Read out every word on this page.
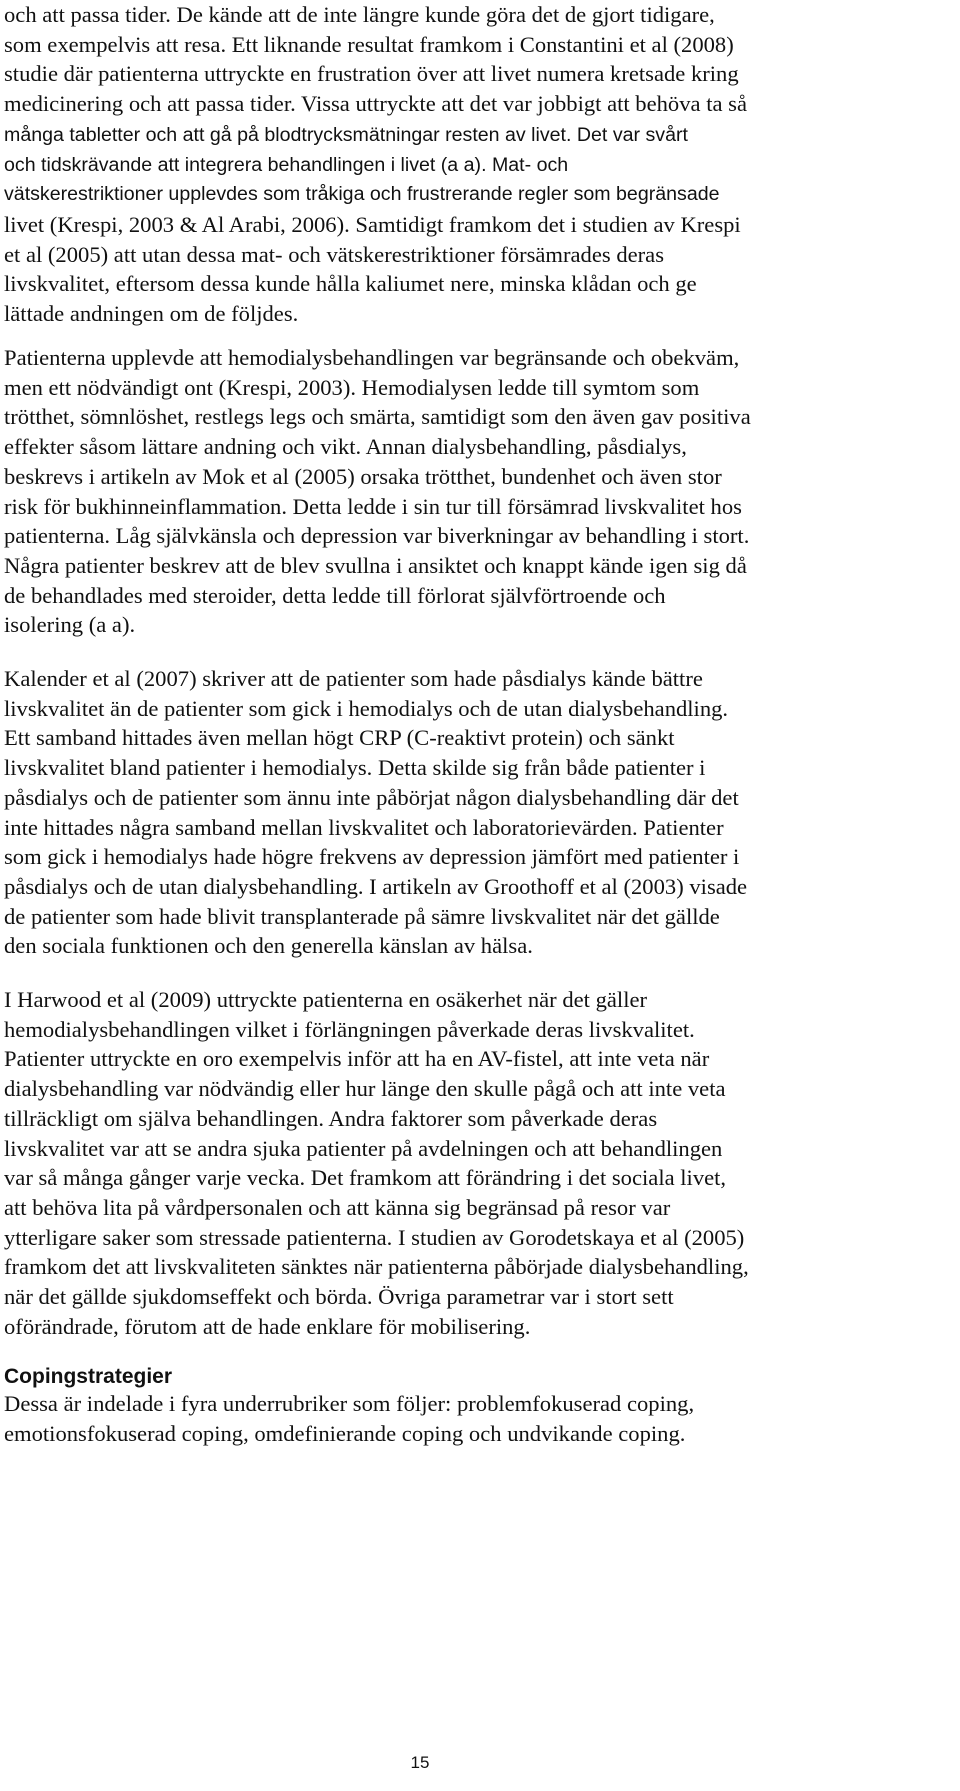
och att passa tider. De kände att de inte längre kunde göra det de gjort tidigare,
som exempelvis att resa. Ett liknande resultat framkom i Constantini et al (2008)
studie där patienterna uttryckte en frustration över att livet numera kretsade kring
medicinering och att passa tider. Vissa uttryckte att det var jobbigt att behöva ta så
många tabletter och att gå på blodtrycksmätningar resten av livet. Det var svårt
och tidskrävande att integrera behandlingen i livet (a a). Mat- och
vätskerestriktioner upplevdes som tråkiga och frustrerande regler som begränsade
livet (Krespi, 2003 & Al Arabi, 2006). Samtidigt framkom det i studien av Krespi
et al (2005) att utan dessa mat- och vätskerestriktioner försämrades deras
livskvalitet, eftersom dessa kunde hålla kaliumet nere, minska klådan och ge
lättade andningen om de följdes.
Patienterna upplevde att hemodialysbehandlingen var begränsande och obekväm,
men ett nödvändigt ont (Krespi, 2003). Hemodialysen ledde till symtom som
trötthet, sömnlöshet, restlegs legs och smärta, samtidigt som den även gav positiva
effekter såsom lättare andning och vikt. Annan dialysbehandling, påsdialys,
beskrevs i artikeln av Mok et al (2005) orsaka trötthet, bundenhet och även stor
risk för bukhinneinflammation. Detta ledde i sin tur till försämrad livskvalitet hos
patienterna. Låg självkänsla och depression var biverkningar av behandling i stort.
Några patienter beskrev att de blev svullna i ansiktet och knappt kände igen sig då
de behandlades med steroider, detta ledde till förlorat självförtroende och
isolering (a a).
Kalender et al (2007) skriver att de patienter som hade påsdialys kände bättre
livskvalitet än de patienter som gick i hemodialys och de utan dialysbehandling.
Ett samband hittades även mellan högt CRP (C-reaktivt protein) och sänkt
livskvalitet bland patienter i hemodialys. Detta skilde sig från både patienter i
påsdialys och de patienter som ännu inte påbörjat någon dialysbehandling där det
inte hittades några samband mellan livskvalitet och laboratorievärden. Patienter
som gick i hemodialys hade högre frekvens av depression jämfört med patienter i
påsdialys och de utan dialysbehandling. I artikeln av Groothoff et al (2003) visade
de patienter som hade blivit transplanterade på sämre livskvalitet när det gällde
den sociala funktionen och den generella känslan av hälsa.
I Harwood et al (2009) uttryckte patienterna en osäkerhet när det gäller
hemodialysbehandlingen vilket i förlängningen påverkade deras livskvalitet.
Patienter uttryckte en oro exempelvis inför att ha en AV-fistel, att inte veta när
dialysbehandling var nödvändig eller hur länge den skulle pågå och att inte veta
tillräckligt om själva behandlingen. Andra faktorer som påverkade deras
livskvalitet var att se andra sjuka patienter på avdelningen och att behandlingen
var så många gånger varje vecka. Det framkom att förändring i det sociala livet,
att behöva lita på vårdpersonalen och att känna sig begränsad på resor var
ytterligare saker som stressade patienterna. I studien av Gorodetskaya et al (2005)
framkom det att livskvaliteten sänktes när patienterna påbörjade dialysbehandling,
när det gällde sjukdomseffekt och börda. Övriga parametrar var i stort sett
oförändrade, förutom att de hade enklare för mobilisering.
Copingstrategier
Dessa är indelade i fyra underrubriker som följer: problemfokuserad coping,
emotionsfokuserad coping, omdefinierande coping och undvikande coping.
15
